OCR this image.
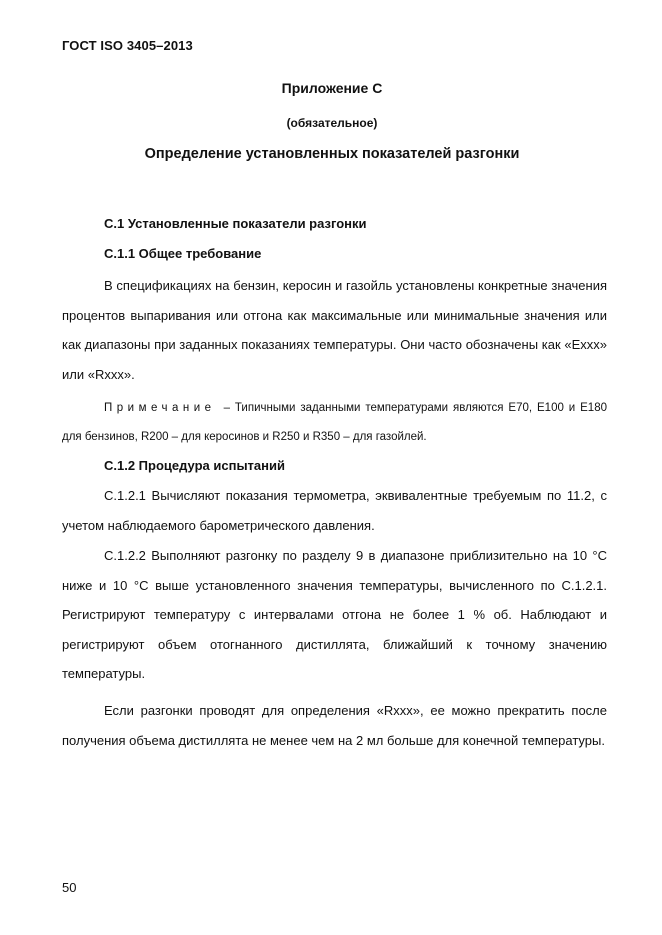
ГОСТ ISO 3405–2013
Приложение С
(обязательное)
Определение установленных показателей разгонки

С.1 Установленные показатели разгонки

С.1.1 Общее требование

В спецификациях на бензин, керосин и газойль установлены конкретные значения процентов выпаривания или отгона как максимальные или минимальные значения или как диапазоны при заданных показаниях температуры. Они часто обозначены как «Exxx» или «Rxxx».

Примечание – Типичными заданными температурами являются Е70, Е100 и Е180 для бензинов, R200 – для керосинов и R250 и R350 – для газойлей.

С.1.2 Процедура испытаний

С.1.2.1 Вычисляют показания термометра, эквивалентные требуемым по 11.2, с учетом наблюдаемого барометрического давления.

С.1.2.2 Выполняют разгонку по разделу 9 в диапазоне приблизительно на 10 °С ниже и 10 °С выше установленного значения температуры, вычисленного по С.1.2.1. Регистрируют температуру с интервалами отгона не более 1 % об. Наблюдают и регистрируют объем отогнанного дистиллята, ближайший к точному значению температуры.

Если разгонки проводят для определения «Rxxx», ее можно прекратить после получения объема дистиллята не менее чем на 2 мл больше для конечной температуры.

50
